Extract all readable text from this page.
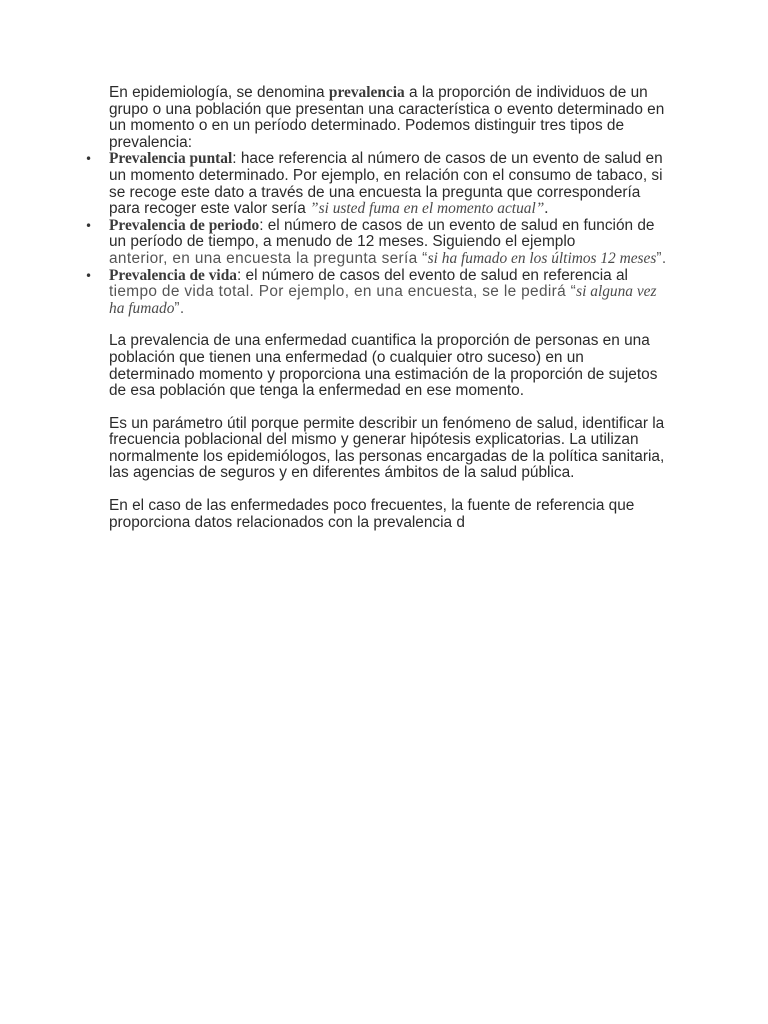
En epidemiología, se denomina prevalencia a la proporción de individuos de un grupo o una población que presentan una característica o evento determinado en un momento o en un período determinado. Podemos distinguir tres tipos de prevalencia:

• Prevalencia puntal: hace referencia al número de casos de un evento de salud en un momento determinado. Por ejemplo, en relación con el consumo de tabaco, si se recoge este dato a través de una encuesta la pregunta que correspondería para recoger este valor sería ”si usted fuma en el momento actual”.
• Prevalencia de periodo: el número de casos de un evento de salud en función de un período de tiempo, a menudo de 12 meses. Siguiendo el ejemplo
anterior, en una encuesta la pregunta sería “si ha fumado en los últimos 12 meses”.
• Prevalencia de vida: el número de casos del evento de salud en referencia al
tiempo de vida total. Por ejemplo, en una encuesta, se le pedirá “si alguna vez ha fumado”.

La prevalencia de una enfermedad cuantifica la proporción de personas en una población que tienen una enfermedad (o cualquier otro suceso) en un determinado momento y proporciona una estimación de la proporción de sujetos de esa población que tenga la enfermedad en ese momento.

Es un parámetro útil porque permite describir un fenómeno de salud, identificar la frecuencia poblacional del mismo y generar hipótesis explicatorias. La utilizan normalmente los epidemiólogos, las personas encargadas de la política sanitaria, las agencias de seguros y en diferentes ámbitos de la salud pública.

En el caso de las enfermedades poco frecuentes, la fuente de referencia que proporciona datos relacionados con la prevalencia d
